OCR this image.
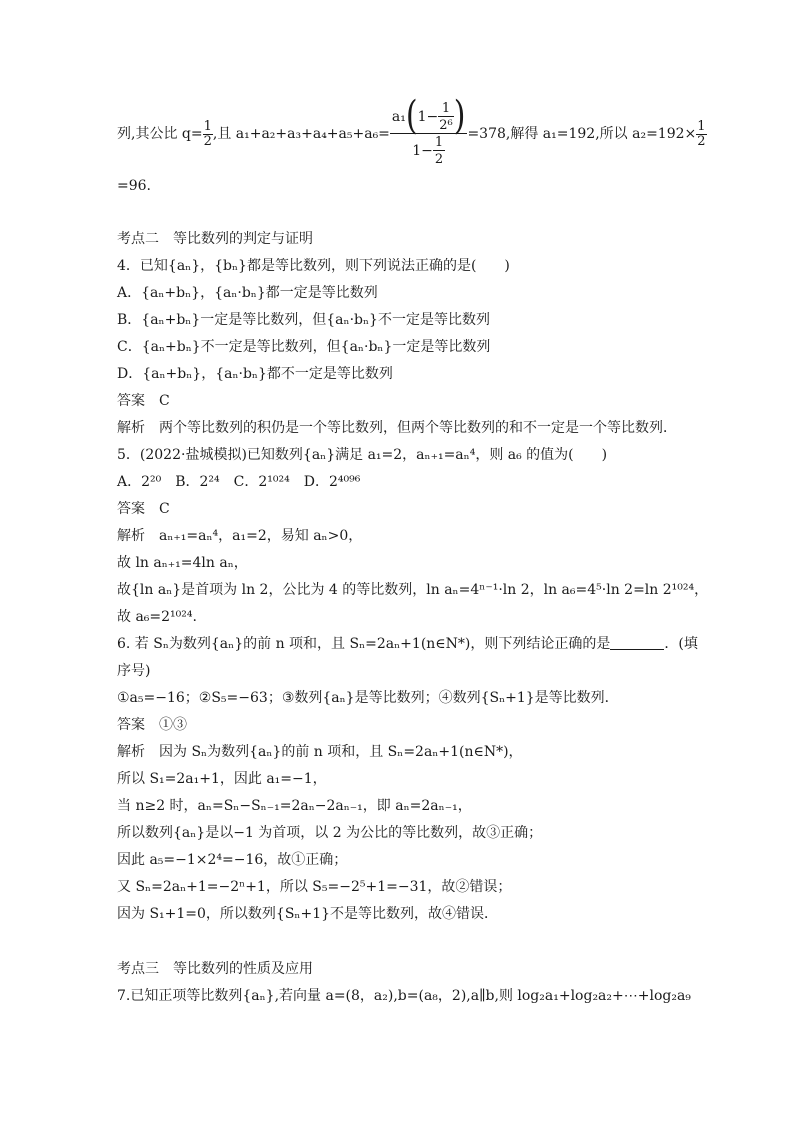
列,其公比 $q= \frac{1}{2}$ ,且 a₁+a₂+a₃+a₄+a₅+a₆=
a₁ ( $1- \frac{1}{\text{2⁶}}$ )
$1- \frac{1}{2}$
=378,解得 a₁=192,所以 $a_2=192\times \frac{1}{2}$
=96.
考点二　等比数列的判定与证明
4．已知{aₙ}，{bₙ}都是等比数列，则下列说法正确的是(　　)
A．{aₙ+bₙ}，{aₙ·bₙ}都一定是等比数列
B．{aₙ+bₙ}一定是等比数列，但{aₙ·bₙ}不一定是等比数列
C．{aₙ+bₙ}不一定是等比数列，但{aₙ·bₙ}一定是等比数列
D．{aₙ+bₙ}，{aₙ·bₙ}都不一定是等比数列
答案　C
解析　两个等比数列的积仍是一个等比数列，但两个等比数列的和不一定是一个等比数列．
5．(2022·盐城模拟)已知数列{aₙ}满足 a₁=2，aₙ₊₁=aₙ⁴，则 a₆ 的值为(　　)
A．2²⁰　B．2²⁴　C．2¹⁰²⁴　D．2⁴⁰⁹⁶
答案　C
解析　aₙ₊₁=aₙ⁴，a₁=2，易知 aₙ>0，
故 ln aₙ₊₁=4ln aₙ，
故{ln aₙ}是首项为 ln 2，公比为 4 的等比数列，ln aₙ=4ⁿ⁻¹·ln 2，ln a₆=4⁵·ln 2=ln 2¹⁰²⁴，
故 a₆=2¹⁰²⁴.
6. 若 Sₙ为数列{aₙ}的前 n 项和，且 Sₙ=2aₙ+1(n∈N*)，则下列结论正确的是	．(填
序号)
①a₅=−16；②S₅=−63；③数列{aₙ}是等比数列；④数列{Sₙ+1}是等比数列．
答案　①③
解析　因为 Sₙ为数列{aₙ}的前 n 项和，且 Sₙ=2aₙ+1(n∈N*)，
所以 S₁=2a₁+1，因此 a₁=−1，
当 n≥2 时，aₙ=Sₙ−Sₙ₋₁=2aₙ−2aₙ₋₁，即 aₙ=2aₙ₋₁，
所以数列{aₙ}是以−1 为首项，以 2 为公比的等比数列，故③正确；
因此 a₅=−1×2⁴=−16，故①正确；
又 Sₙ=2aₙ+1=−2ⁿ+1，所以 S₅=−2⁵+1=−31，故②错误；
因为 S₁+1=0，所以数列{Sₙ+1}不是等比数列，故④错误．
考点三　等比数列的性质及应用
7.已知正项等比数列{aₙ},若向量 a=(8，a₂),b=(a₈，2),a∥b,则 log₂a₁+log₂a₂+⋯+log₂a₉
